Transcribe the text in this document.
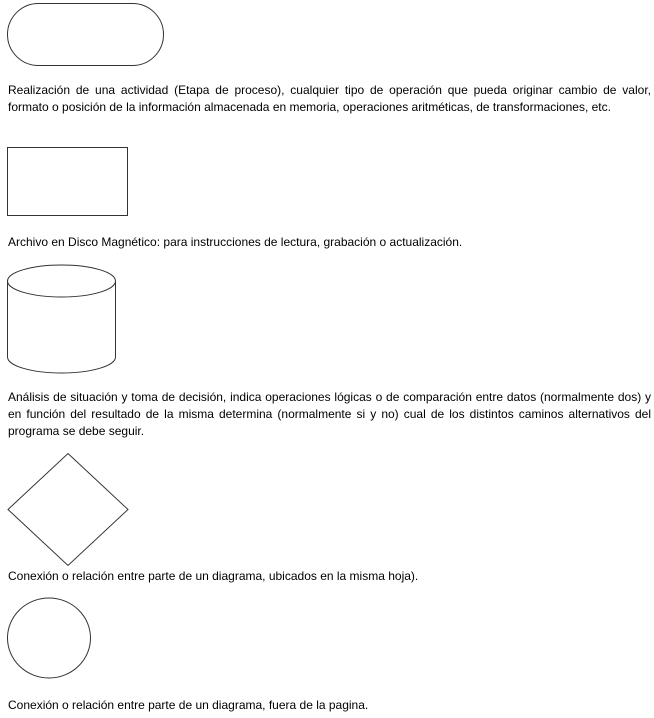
Realización de una actividad (Etapa de proceso), cualquier tipo de operación que pueda originar cambio de valor, formato o posición de la información almacenada en memoria, operaciones aritméticas, de transformaciones, etc.

Archivo en Disco Magnético: para instrucciones de lectura, grabación o actualización.

Análisis de situación y toma de decisión, indica operaciones lógicas o de comparación entre datos (normalmente dos) y en función del resultado de la misma determina (normalmente si y no) cual de los distintos caminos alternativos del programa se debe seguir.

Conexión o relación entre parte de un diagrama, ubicados en la misma hoja).

Conexión o relación entre parte de un diagrama, fuera de la pagina.
